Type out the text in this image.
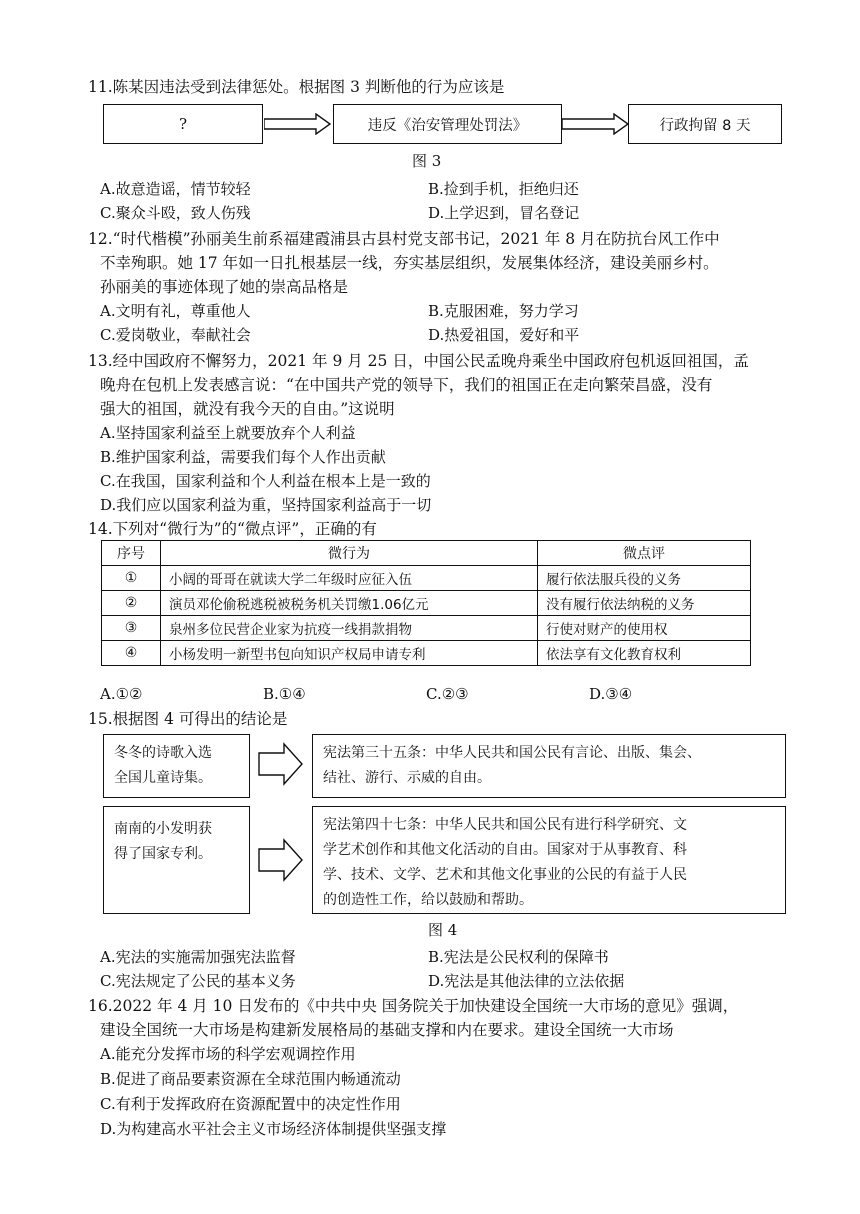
11.陈某因违法受到法律惩处。根据图 3 判断他的行为应该是
?	违反《治安管理处罚法》	行政拘留 8 天
图 3
A.故意造谣，情节较轻	B.捡到手机，拒绝归还
C.聚众斗殴，致人伤残	D.上学迟到，冒名登记
12.“时代楷模”孙丽美生前系福建霞浦县古县村党支部书记，2021 年 8 月在防抗台风工作中
不幸殉职。她 17 年如一日扎根基层一线，夯实基层组织，发展集体经济，建设美丽乡村。
孙丽美的事迹体现了她的崇高品格是
A.文明有礼，尊重他人	B.克服困难，努力学习
C.爱岗敬业，奉献社会	D.热爱祖国，爱好和平
13.经中国政府不懈努力，2021 年 9 月 25 日，中国公民孟晚舟乘坐中国政府包机返回祖国，孟
晚舟在包机上发表感言说：“在中国共产党的领导下，我们的祖国正在走向繁荣昌盛，没有
强大的祖国，就没有我今天的自由。”这说明
A.坚持国家利益至上就要放弃个人利益
B.维护国家利益，需要我们每个人作出贡献
C.在我国，国家利益和个人利益在根本上是一致的
D.我们应以国家利益为重，坚持国家利益高于一切
14.下列对“微行为”的“微点评”，正确的有
序号	微行为	微点评
①	小阔的哥哥在就读大学二年级时应征入伍	履行依法服兵役的义务
②	演员邓伦偷税逃税被税务机关罚缴1.06亿元	没有履行依法纳税的义务
③	泉州多位民营企业家为抗疫一线捐款捐物	行使对财产的使用权
④	小杨发明一新型书包向知识产权局申请专利	依法享有文化教育权利
A.①②	B.①④	C.②③	D.③④
15.根据图 4 可得出的结论是
冬冬的诗歌入选
全国儿童诗集。
宪法第三十五条：中华人民共和国公民有言论、出版、集会、
结社、游行、示威的自由。
南南的小发明获
得了国家专利。
宪法第四十七条：中华人民共和国公民有进行科学研究、文
学艺术创作和其他文化活动的自由。国家对于从事教育、科
学、技术、文学、艺术和其他文化事业的公民的有益于人民
的创造性工作，给以鼓励和帮助。
图 4
A.宪法的实施需加强宪法监督	B.宪法是公民权利的保障书
C.宪法规定了公民的基本义务	D.宪法是其他法律的立法依据
16.2022 年 4 月 10 日发布的《中共中央 国务院关于加快建设全国统一大市场的意见》强调，
建设全国统一大市场是构建新发展格局的基础支撑和内在要求。建设全国统一大市场
A.能充分发挥市场的科学宏观调控作用
B.促进了商品要素资源在全球范围内畅通流动
C.有利于发挥政府在资源配置中的决定性作用
D.为构建高水平社会主义市场经济体制提供坚强支撑
